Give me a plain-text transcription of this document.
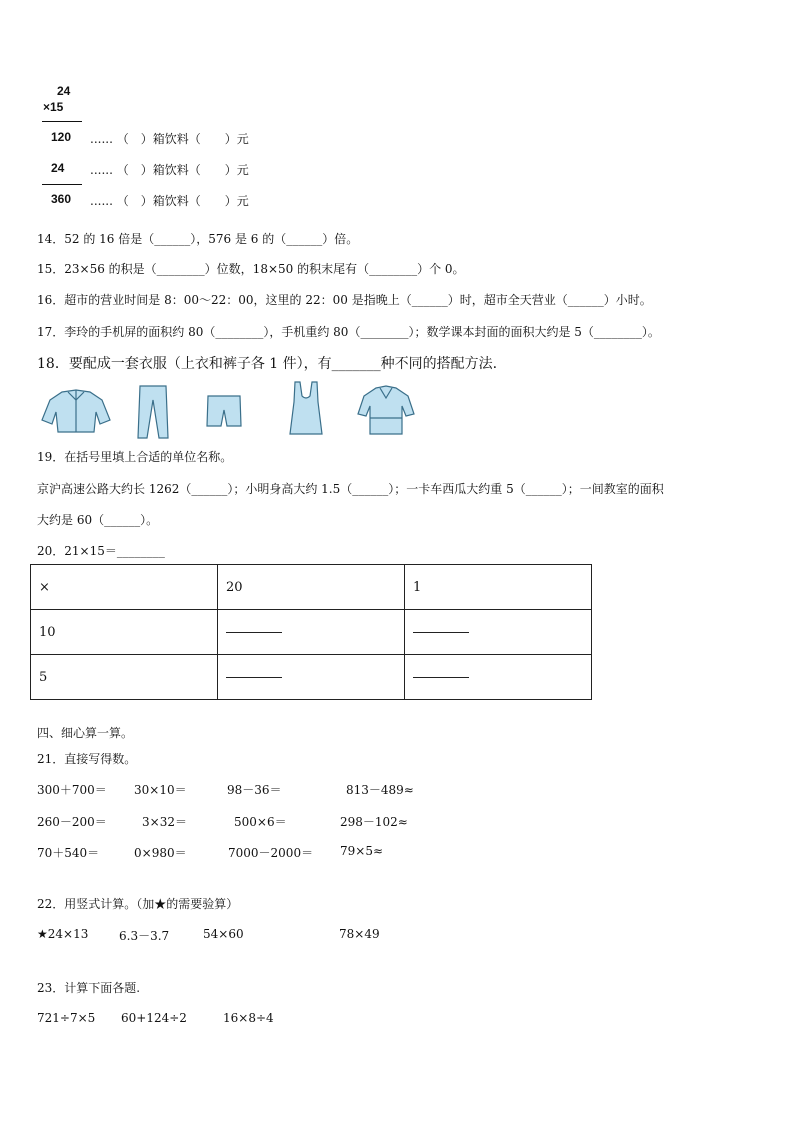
24
×15
120 ...... （　）箱饮料（　　）元
24 ...... （　）箱饮料（　　）元
360 ...... （　）箱饮料（　　）元
14．52 的 16 倍是（______），576 是 6 的（______）倍。
15．23×56 的积是（________）位数，18×50 的积末尾有（________）个 0。
16．超市的营业时间是 8：00～22：00，这里的 22：00 是指晚上（______）时，超市全天营业（______）小时。
17．李玲的手机屏的面积约 80（________），手机重约 80（________）；数学课本封面的面积大约是 5（________）。
18．要配成一套衣服（上衣和裤子各 1 件），有_______种不同的搭配方法.
19．在括号里填上合适的单位名称。
京沪高速公路大约长 1262（______）；小明身高大约 1.5（______）；一卡车西瓜大约重 5（______）；一间教室的面积
大约是 60（______）。
20．21×15＝________
×	20	1
10		
5		
四、细心算一算。
21．直接写得数。
300＋700＝ 30×10＝	98－36＝	813－489≈
260－200＝	3×32＝	500×6＝	298－102≈
70＋540＝	0×980＝	7000－2000＝ 79×5≈
22．用竖式计算。（加★的需要验算）
★24×13	6.3－3.7	54×60	78×49
23．计算下面各题.
721÷7×5 60+124÷2	16×8÷4
